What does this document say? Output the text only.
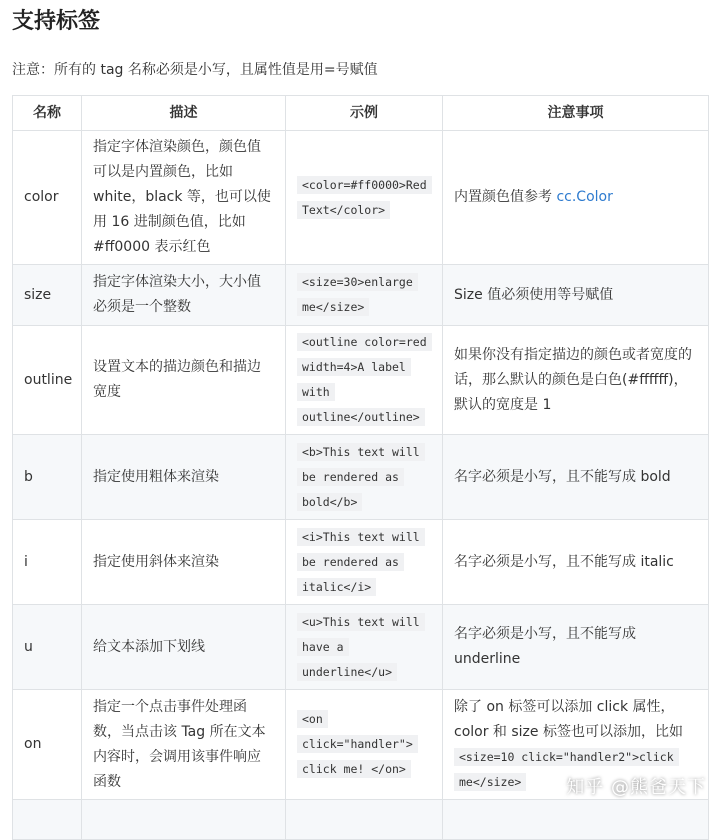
支持标签

注意：所有的 tag 名称必须是小写，且属性值是用=号赋值

名称	描述	示例	注意事项
color	指定字体渲染颜色，颜色值可以是内置颜色，比如 white，black 等，也可以使用 16 进制颜色值，比如 #ff0000 表示红色	<color=#ff0000>Red Text</color>	内置颜色值参考 cc.Color
size	指定字体渲染大小，大小值必须是一个整数	<size=30>enlarge me</size>	Size 值必须使用等号赋值
outline	设置文本的描边颜色和描边宽度	<outline color=red width=4>A label with outline</outline>	如果你没有指定描边的颜色或者宽度的话，那么默认的颜色是白色(#ffffff)，默认的宽度是 1
b	指定使用粗体来渲染	<b>This text will be rendered as bold</b>	名字必须是小写，且不能写成 bold
i	指定使用斜体来渲染	<i>This text will be rendered as italic</i>	名字必须是小写，且不能写成 italic
u	给文本添加下划线	<u>This text will have a underline</u>	名字必须是小写，且不能写成 underline
on	指定一个点击事件处理函数，当点击该 Tag 所在文本内容时，会调用该事件响应函数	<on click="handler"> click me! </on>	除了 on 标签可以添加 click 属性，color 和 size 标签也可以添加，比如 <size=10 click="handler2">click me</size>
			知乎 @熊爸天下
